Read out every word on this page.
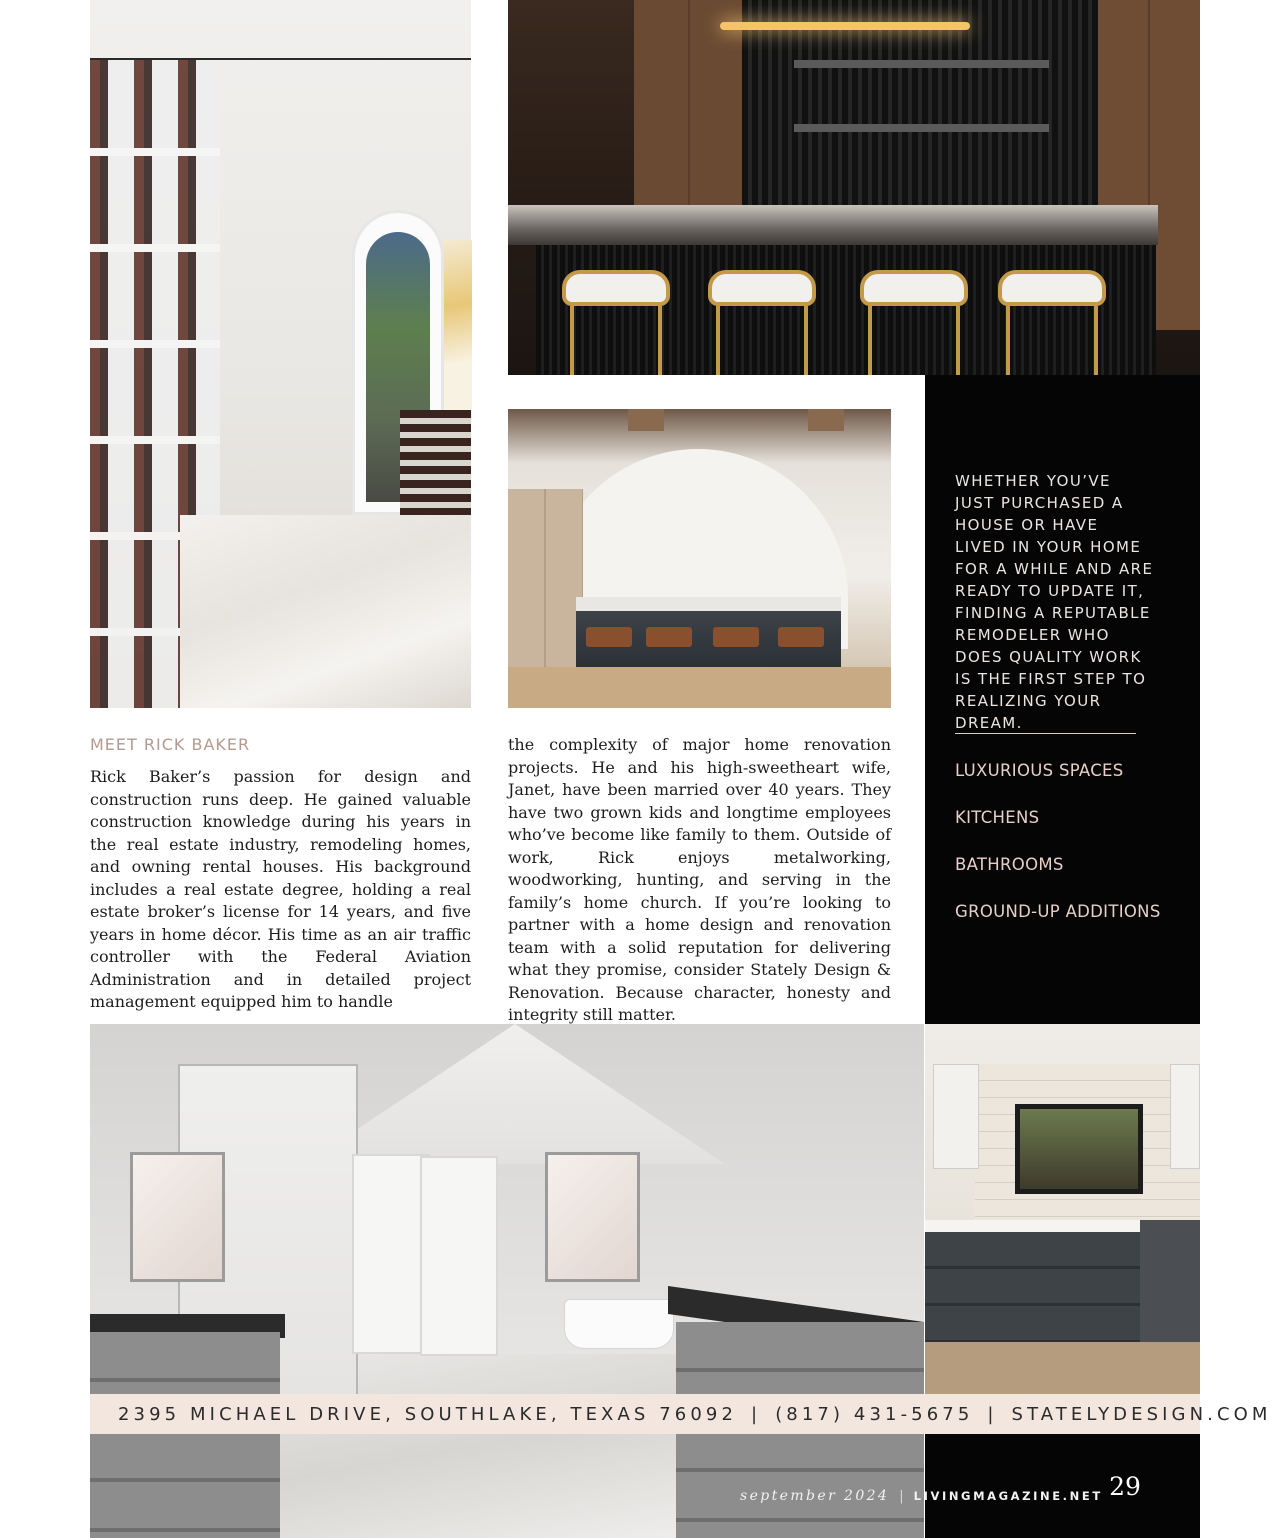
MEET RICK BAKER
Rick Baker’s passion for design and construction runs deep. He gained valuable construction knowledge during his years in the real estate industry, remodeling homes, and owning rental houses. His background includes a real estate degree, holding a real estate broker’s license for 14 years, and five years in home décor. His time as an air traffic controller with the Federal Aviation Administration and in detailed project management equipped him to handle
the complexity of major home renovation projects. He and his high-sweetheart wife, Janet, have been married over 40 years. They have two grown kids and longtime employees who’ve become like family to them. Outside of work, Rick enjoys metalworking, woodworking, hunting, and serving in the family’s home church. If you’re looking to partner with a home design and renovation team with a solid reputation for delivering what they promise, consider Stately Design & Renovation. Because character, honesty and integrity still matter.
WHETHER YOU’VE JUST PURCHASED A HOUSE OR HAVE LIVED IN YOUR HOME FOR A WHILE AND ARE READY TO UPDATE IT, FINDING A REPUTABLE REMODELER WHO DOES QUALITY WORK IS THE FIRST STEP TO REALIZING YOUR DREAM.
LUXURIOUS SPACES
KITCHENS
BATHROOMS
GROUND-UP ADDITIONS
2395 MICHAEL DRIVE, SOUTHLAKE, TEXAS 76092 | (817) 431-5675 | STATELYDESIGN.COM
september 2024 | LIVINGMAGAZINE.NET 29
